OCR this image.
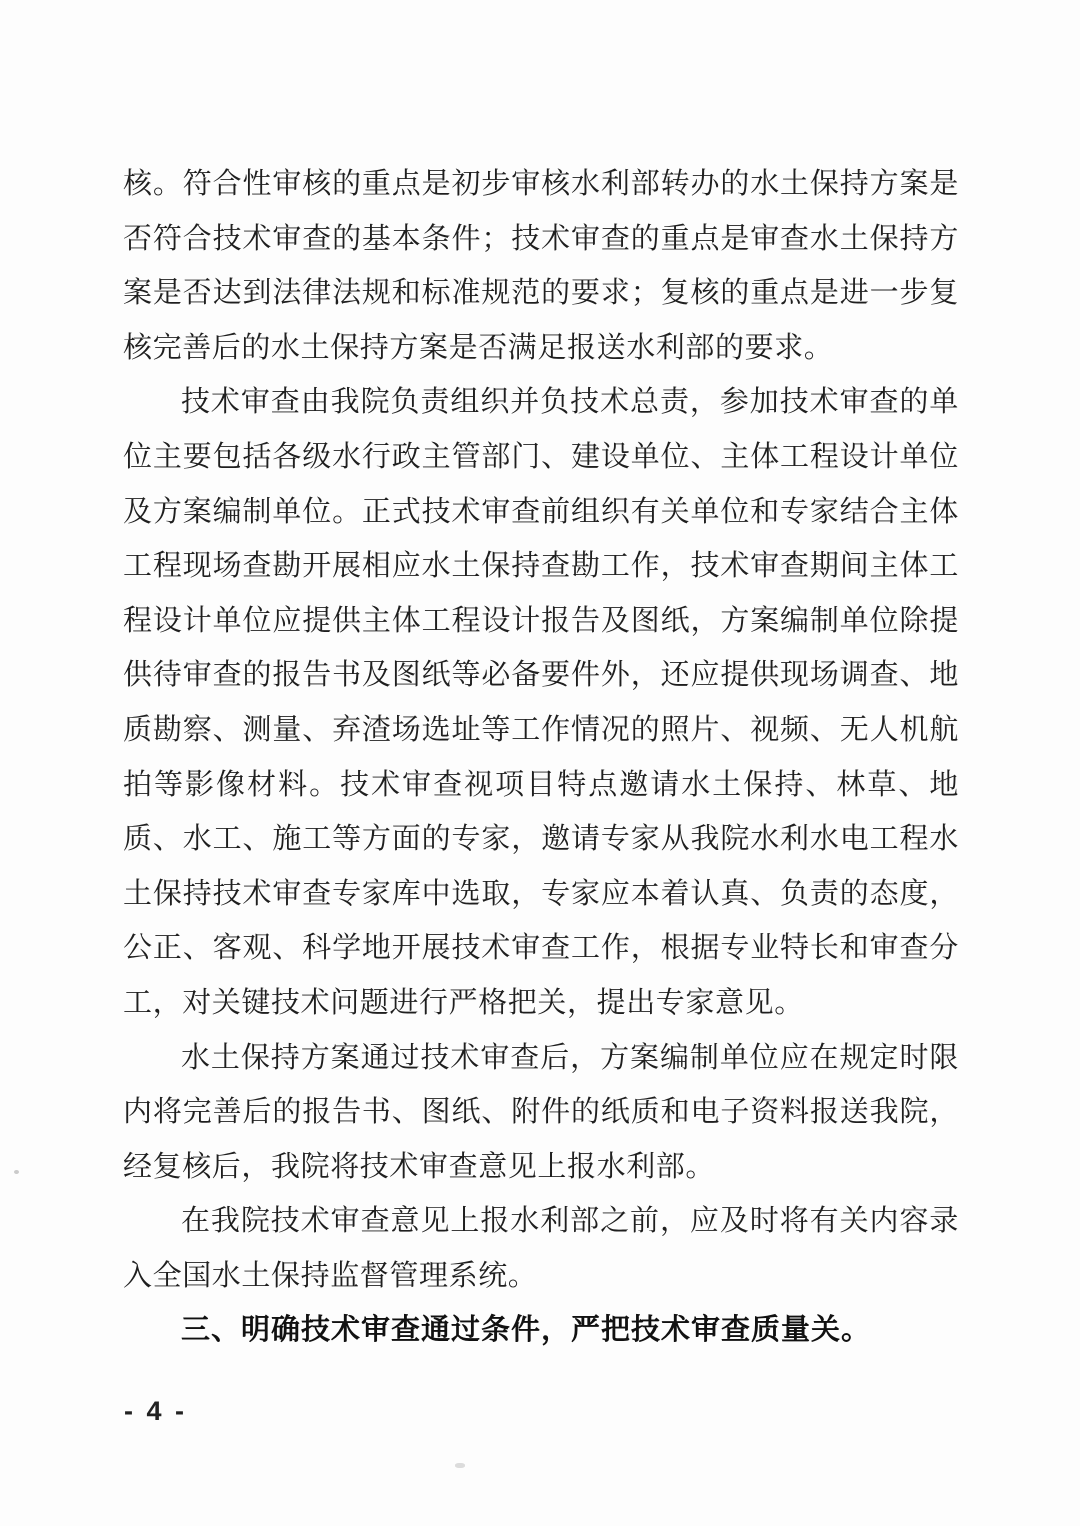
核。符合性审核的重点是初步审核水利部转办的水土保持方案是否符合技术审查的基本条件；技术审查的重点是审查水土保持方案是否达到法律法规和标准规范的要求；复核的重点是进一步复核完善后的水土保持方案是否满足报送水利部的要求。

技术审查由我院负责组织并负技术总责，参加技术审查的单位主要包括各级水行政主管部门、建设单位、主体工程设计单位及方案编制单位。正式技术审查前组织有关单位和专家结合主体工程现场查勘开展相应水土保持查勘工作，技术审查期间主体工程设计单位应提供主体工程设计报告及图纸，方案编制单位除提供待审查的报告书及图纸等必备要件外，还应提供现场调查、地质勘察、测量、弃渣场选址等工作情况的照片、视频、无人机航拍等影像材料。技术审查视项目特点邀请水土保持、林草、地质、水工、施工等方面的专家，邀请专家从我院水利水电工程水土保持技术审查专家库中选取，专家应本着认真、负责的态度，公正、客观、科学地开展技术审查工作，根据专业特长和审查分工，对关键技术问题进行严格把关，提出专家意见。

水土保持方案通过技术审查后，方案编制单位应在规定时限内将完善后的报告书、图纸、附件的纸质和电子资料报送我院，经复核后，我院将技术审查意见上报水利部。

在我院技术审查意见上报水利部之前，应及时将有关内容录入全国水土保持监督管理系统。

三、明确技术审查通过条件，严把技术审查质量关。

- 4 -
